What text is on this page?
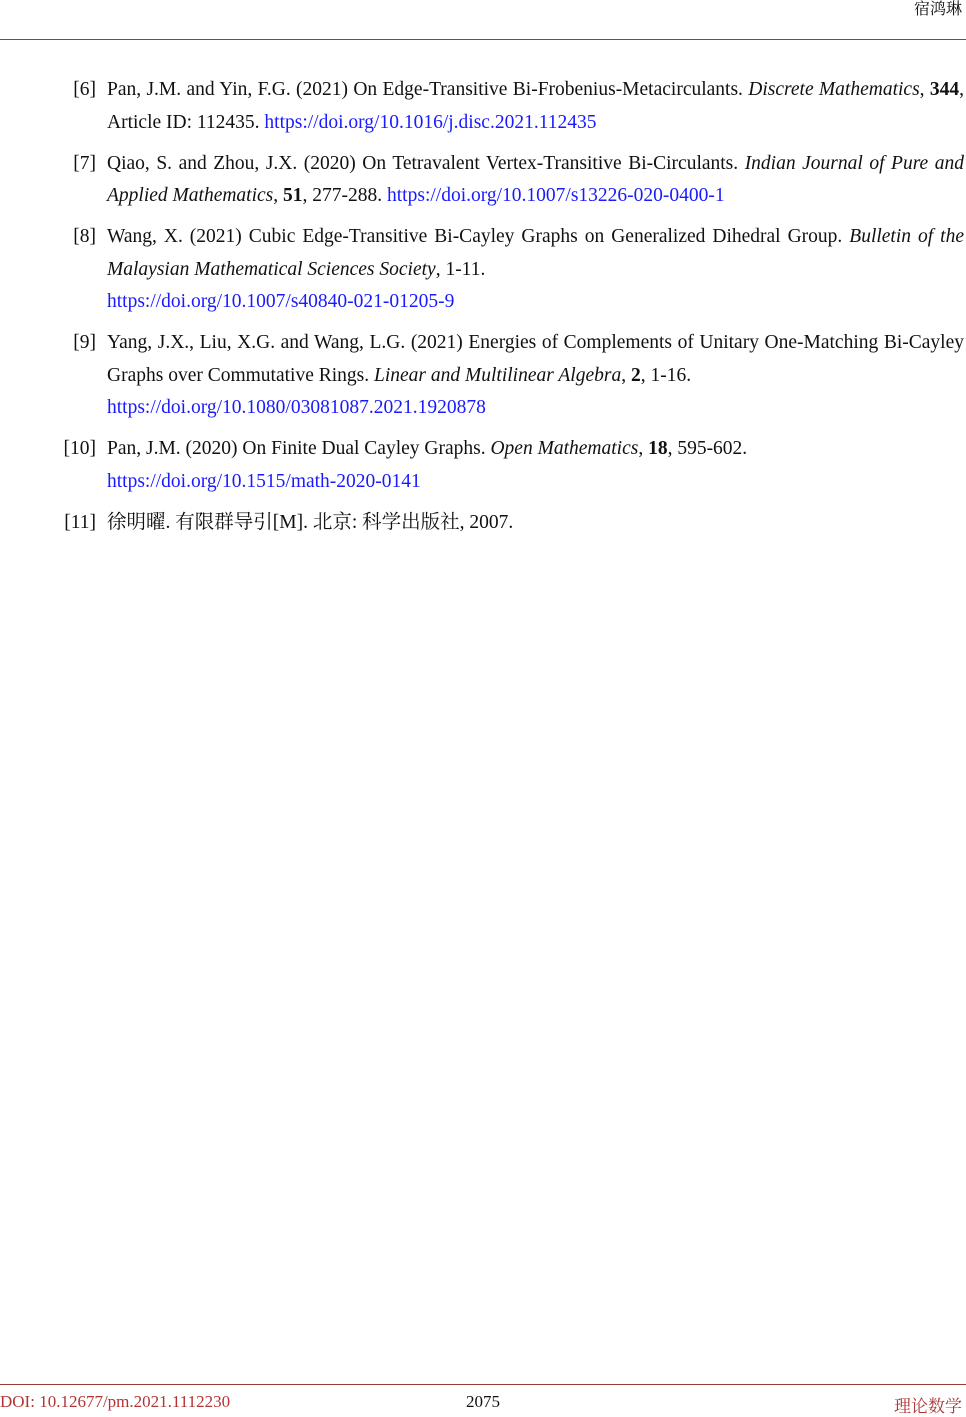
宿鸿琳
[6] Pan, J.M. and Yin, F.G. (2021) On Edge-Transitive Bi-Frobenius-Metacirculants. Discrete Mathematics, 344, Article ID: 112435. https://doi.org/10.1016/j.disc.2021.112435
[7] Qiao, S. and Zhou, J.X. (2020) On Tetravalent Vertex-Transitive Bi-Circulants. Indian Journal of Pure and Applied Mathematics, 51, 277-288. https://doi.org/10.1007/s13226-020-0400-1
[8] Wang, X. (2021) Cubic Edge-Transitive Bi-Cayley Graphs on Generalized Dihedral Group. Bulletin of the Malaysian Mathematical Sciences Society, 1-11.
https://doi.org/10.1007/s40840-021-01205-9
[9] Yang, J.X., Liu, X.G. and Wang, L.G. (2021) Energies of Complements of Unitary One-Matching Bi-Cayley Graphs over Commutative Rings. Linear and Multilinear Algebra, 2, 1-16.
https://doi.org/10.1080/03081087.2021.1920878
[10] Pan, J.M. (2020) On Finite Dual Cayley Graphs. Open Mathematics, 18, 595-602.
https://doi.org/10.1515/math-2020-0141
[11] 徐明曜. 有限群导引[M]. 北京: 科学出版社, 2007.
DOI: 10.12677/pm.2021.1112230	2075	理论数学
